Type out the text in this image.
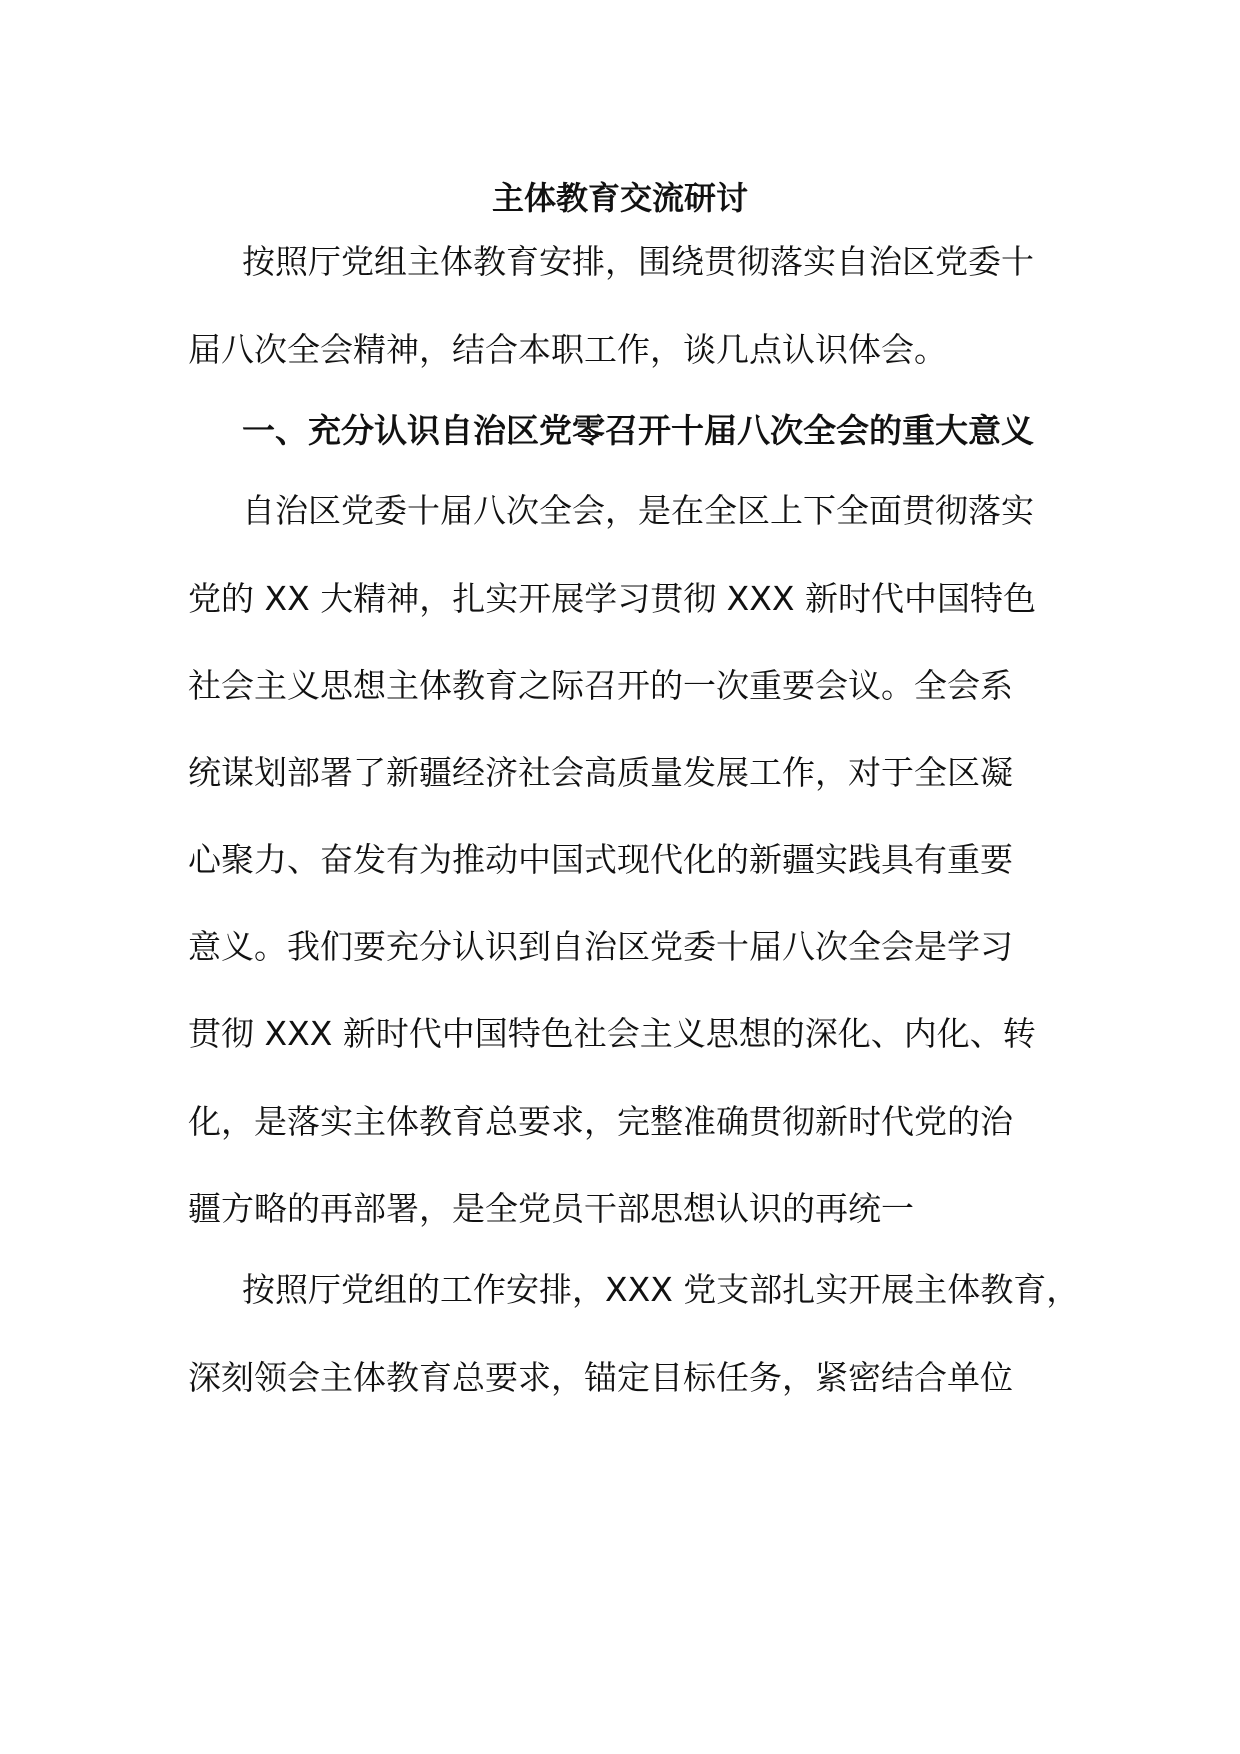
主体教育交流研讨

按照厅党组主体教育安排，围绕贯彻落实自治区党委十

届八次全会精神，结合本职工作，谈几点认识体会。

一、充分认识自治区党零召开十届八次全会的重大意义

自治区党委十届八次全会，是在全区上下全面贯彻落实

党的 XX 大精神，扎实开展学习贯彻 XXX 新时代中国特色

社会主义思想主体教育之际召开的一次重要会议。全会系

统谋划部署了新疆经济社会高质量发展工作，对于全区凝

心聚力、奋发有为推动中国式现代化的新疆实践具有重要

意义。我们要充分认识到自治区党委十届八次全会是学习

贯彻 XXX 新时代中国特色社会主义思想的深化、内化、转

化，是落实主体教育总要求，完整准确贯彻新时代党的治

疆方略的再部署，是全党员干部思想认识的再统一

按照厅党组的工作安排，XXX 党支部扎实开展主体教育，

深刻领会主体教育总要求，锚定目标任务，紧密结合单位
